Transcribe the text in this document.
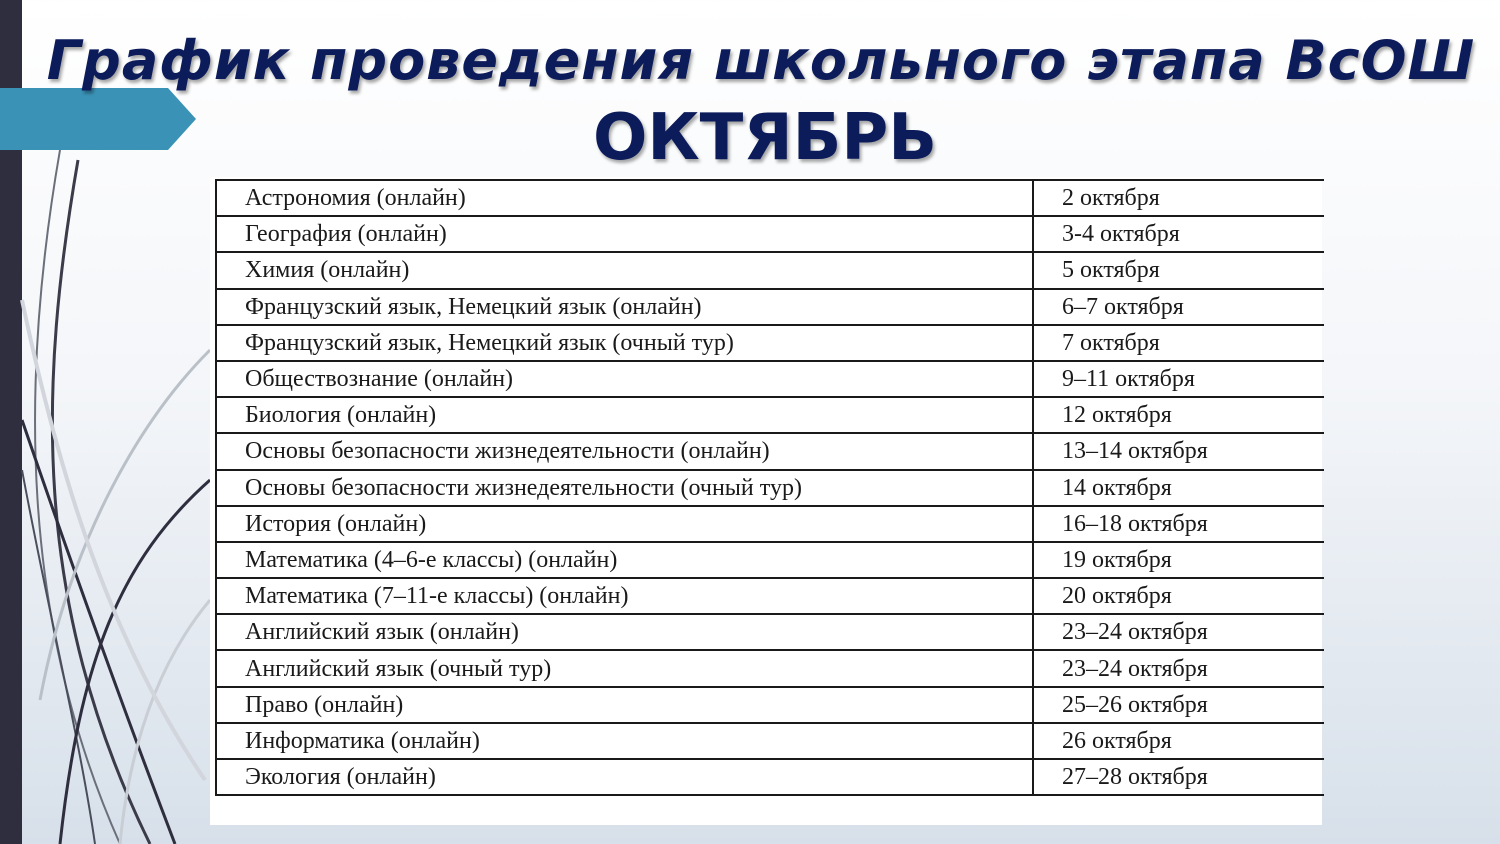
График проведения школьного этапа ВсОШ
ОКТЯБРЬ
Астрономия (онлайн)	2 октября
География (онлайн)	3-4 октября
Химия (онлайн)	5 октября
Французский язык, Немецкий язык (онлайн)	6–7 октября
Французский язык, Немецкий язык (очный тур)	7 октября
Обществознание (онлайн)	9–11 октября
Биология (онлайн)	12 октября
Основы безопасности жизнедеятельности (онлайн)	13–14 октября
Основы безопасности жизнедеятельности (очный тур)	14 октября
История (онлайн)	16–18 октября
Математика (4–6-е классы) (онлайн)	19 октября
Математика (7–11-е классы) (онлайн)	20 октября
Английский язык (онлайн)	23–24 октября
Английский язык (очный тур)	23–24 октября
Право (онлайн)	25–26 октября
Информатика (онлайн)	26 октября
Экология (онлайн)	27–28 октября
